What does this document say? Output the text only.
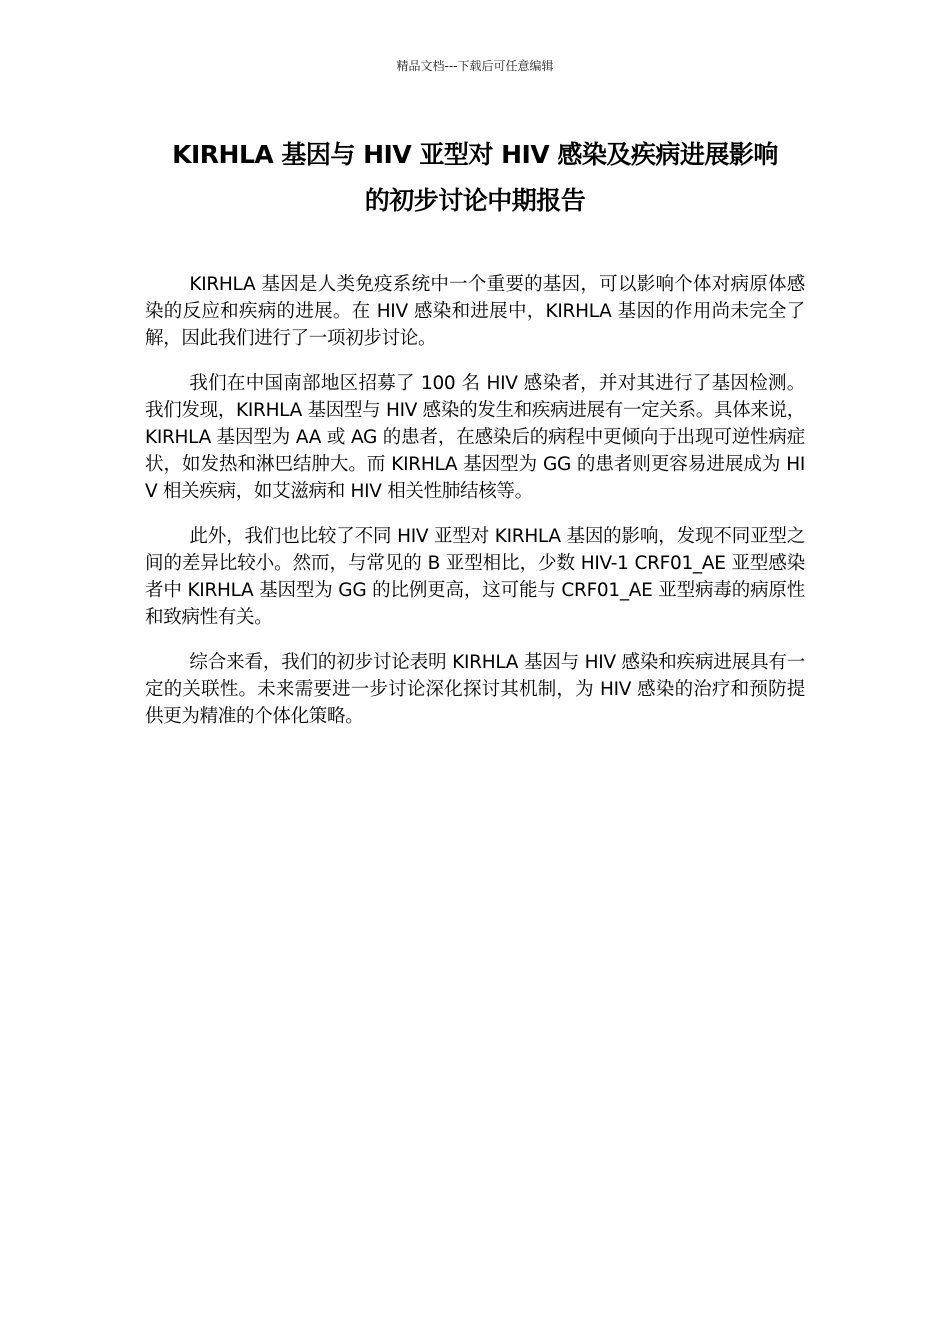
精品文档---下载后可任意编辑
KIRHLA 基因与 HIV 亚型对 HIV 感染及疾病进展影响
的初步讨论中期报告

KIRHLA 基因是人类免疫系统中一个重要的基因，可以影响个体对病原体感染的反应和疾病的进展。在 HIV 感染和进展中，KIRHLA 基因的作用尚未完全了解，因此我们进行了一项初步讨论。

我们在中国南部地区招募了 100 名 HIV 感染者，并对其进行了基因检测。我们发现，KIRHLA 基因型与 HIV 感染的发生和疾病进展有一定关系。具体来说，KIRHLA 基因型为 AA 或 AG 的患者，在感染后的病程中更倾向于出现可逆性病症状，如发热和淋巴结肿大。而 KIRHLA 基因型为 GG 的患者则更容易进展成为 HIV 相关疾病，如艾滋病和 HIV 相关性肺结核等。

此外，我们也比较了不同 HIV 亚型对 KIRHLA 基因的影响，发现不同亚型之间的差异比较小。然而，与常见的 B 亚型相比，少数 HIV-1 CRF01_AE 亚型感染者中 KIRHLA 基因型为 GG 的比例更高，这可能与 CRF01_AE 亚型病毒的病原性和致病性有关。

综合来看，我们的初步讨论表明 KIRHLA 基因与 HIV 感染和疾病进展具有一定的关联性。未来需要进一步讨论深化探讨其机制，为 HIV 感染的治疗和预防提供更为精准的个体化策略。
